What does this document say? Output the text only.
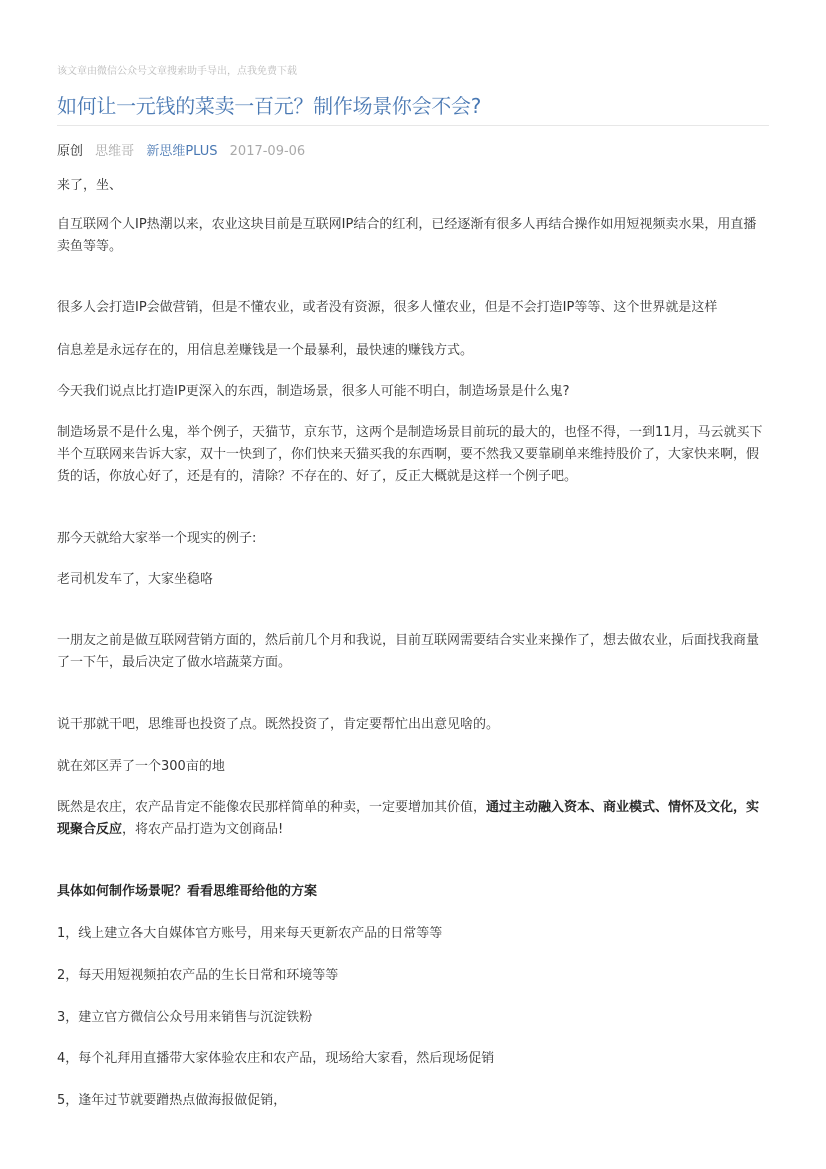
该文章由微信公众号文章搜索助手导出，点我免费下载
如何让一元钱的菜卖一百元？制作场景你会不会?
原创 思维哥 新思维PLUS 2017-09-06

来了，坐、

自互联网个人IP热潮以来，农业这块目前是互联网IP结合的红利，已经逐渐有很多人再结合操作如用短视频卖水果，用直播卖鱼等等。

很多人会打造IP会做营销，但是不懂农业，或者没有资源，很多人懂农业，但是不会打造IP等等、这个世界就是这样

信息差是永远存在的，用信息差赚钱是一个最暴利，最快速的赚钱方式。

今天我们说点比打造IP更深入的东西，制造场景，很多人可能不明白，制造场景是什么鬼?

制造场景不是什么鬼，举个例子，天猫节，京东节，这两个是制造场景目前玩的最大的，也怪不得，一到11月，马云就买下半个互联网来告诉大家，双十一快到了，你们快来天猫买我的东西啊，要不然我又要靠刷单来维持股价了，大家快来啊，假货的话，你放心好了，还是有的，清除？不存在的、好了，反正大概就是这样一个例子吧。

那今天就给大家举一个现实的例子:

老司机发车了，大家坐稳咯

一朋友之前是做互联网营销方面的，然后前几个月和我说，目前互联网需要结合实业来操作了，想去做农业，后面找我商量了一下午，最后决定了做水培蔬菜方面。

说干那就干吧，思维哥也投资了点。既然投资了，肯定要帮忙出出意见啥的。

就在郊区弄了一个300亩的地

既然是农庄，农产品肯定不能像农民那样简单的种卖，一定要增加其价值，通过主动融入资本、商业模式、情怀及文化，实现聚合反应，将农产品打造为文创商品!

具体如何制作场景呢？看看思维哥给他的方案

1，线上建立各大自媒体官方账号，用来每天更新农产品的日常等等

2，每天用短视频拍农产品的生长日常和环境等等

3，建立官方微信公众号用来销售与沉淀铁粉

4，每个礼拜用直播带大家体验农庄和农产品，现场给大家看，然后现场促销

5，逢年过节就要蹭热点做海报做促销，
